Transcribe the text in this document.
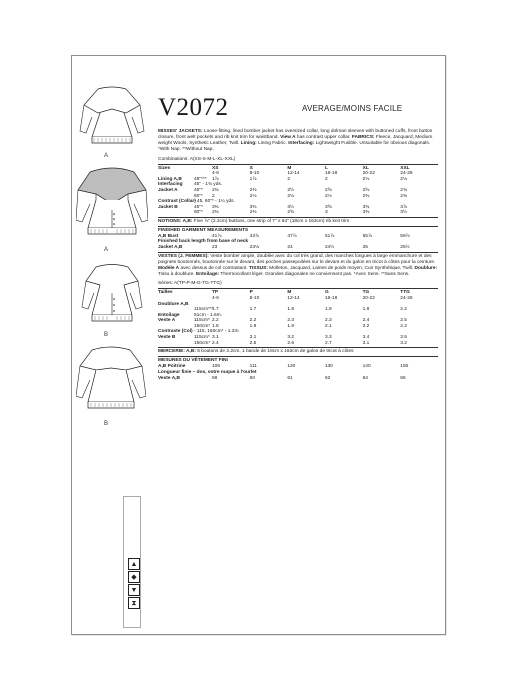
A
A
B
B
▲
◆
▼
⧗
V2072	AVERAGE/MOINS FACILE

MISSES' JACKETS: Loose-fitting, lined bomber jacket has oversized collar, long dolman sleeves with buttoned cuffs, front button closure, front welt pockets and rib knit trim for waistband. View A has contrast upper collar. FABRICS: Fleece, Jacquard, Medium weight Wools, Synthetic Leather, Twill. Lining: Lining Fabric. Interfacing: Lightweight Fusible. Unsuitable for obvious diagonals. *With Nap. **Without Nap.

Combinations: A(XS-S-M-L-XL-XXL)
Sizes		XS	S	M	L	XL	XXL
		4-6	8-10	12-14	16-18	20-22	24-26
Lining A,B	45"***	1⅞	1⅞	2	2	2⅛	2⅛
Interfacing	45" - 1¾ yds.						
Jacket A	45"*	2⅜	2⅜	2½	2⅝	2⅝	2¾
	60"*	2	2⅛	2⅛	2⅛	2⅜	2⅜
Contrast (Collar)	- 45, 60"* - 1¼ yds.						
Jacket B	45"*	3⅜	3⅜	3½	3⅝	3¾	3⅞
	60"*	2⅜	2⅜	2⅝	3	3⅜	3½

NOTIONS: A,B: Five ⅞" (2.2cm) buttons, one strip of 7" x 64" (18cm x 163cm) rib knit trim

FINISHED GARMENT MEASUREMENTS
A,B Bust		41⅞	43⅞	47⅞	51⅞	55⅞	59⅞
Finished back length from base of neck
Jacket A,B		23	23⅛	24	24½	25	25½

VESTES (J. FEMMES): Veste bomber ample, doublée avec du col très grand, des manches longues à large emmanchure et des poignets boutonnés, boutonnée sur le devant, des poches passepoilées sur le devant et du galon en tricot à côtes pour la ceinture. Modèle A avec dessus de col contrastant. TISSUS: Molleton, Jacquard, Laines de poids moyen, Cuir Synthétique, Twill. Doublure: Tissu à doublure. Entoilage: Thermocollant léger. Grandes diagonales ne conviennent pas. *Avec Sens. **Sans Sens.

Séries: A(TP-P-M-G-TG-TTG)
Tailles		TP	P	M	G	TG	TTG
		4-6	8-10	12-14	16-18	20-22	24-26
Doublure A,B							
	115cm***	1.7	1.7	1.8	1.8	1.9	2.2
Entoilage	51cm - 1.6m.						
Veste A	115cm*	2.2	2.2	2.3	2.3	2.4	2.5
	150cm*	1.8	1.9	1.9	2.1	2.2	2.2
Contraste (Col)	- 115, 150cm* - 1.2m.						
Veste B	115cm*	3.1	3.1	3.2	3.3	3.4	3.5
	150cm*	2.4	2.5	2.6	2.7	3.1	3.2

MERCERIE: A,B: 5 boutons de 2.2cm, 1 bande de 18cm x 163cm de galon de tricot à côtes

MESURES DU VÊTEMENT FINI
A,B Poitrine		106	111	120	130	140	150
Longueur finie – dos, votre nuque à l'ourlet
Veste A,B		58	60	61	62	64	65
